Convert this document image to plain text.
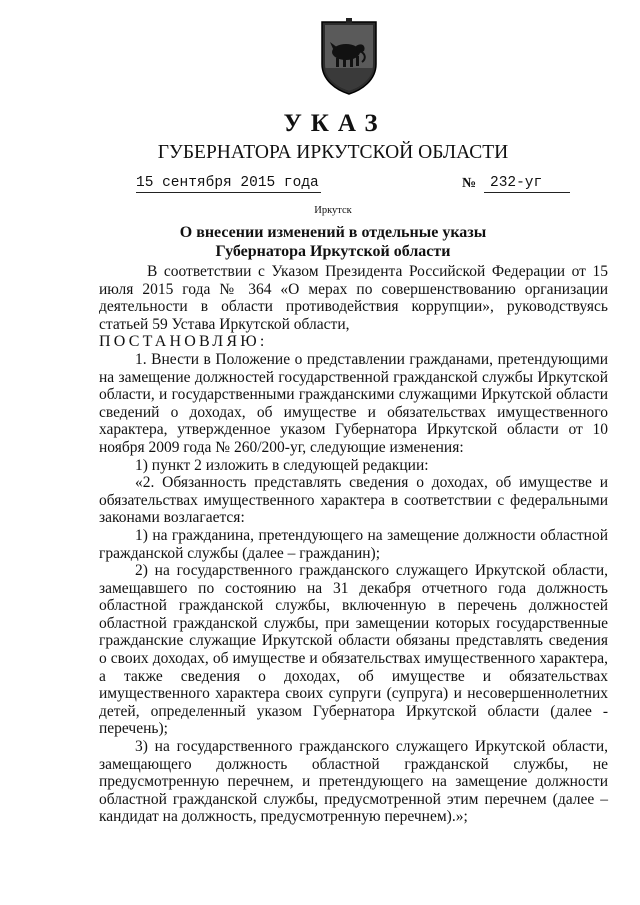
УКАЗ
ГУБЕРНАТОРА ИРКУТСКОЙ ОБЛАСТИ
15 сентября 2015 года	№ 232-уг
Иркутск
О внесении изменений в отдельные указы
Губернатора Иркутской области

В соответствии с Указом Президента Российской Федерации от 15 июля 2015 года № 364 «О мерах по совершенствованию организации деятельности в области противодействия коррупции», руководствуясь статьей 59 Устава Иркутской области,

ПОСТАНОВЛЯЮ:

1. Внести в Положение о представлении гражданами, претендующими на замещение должностей государственной гражданской службы Иркутской области, и государственными гражданскими служащими Иркутской области сведений о доходах, об имуществе и обязательствах имущественного характера, утвержденное указом Губернатора Иркутской области от 10 ноября 2009 года № 260/200-уг, следующие изменения:

1) пункт 2 изложить в следующей редакции:

«2. Обязанность представлять сведения о доходах, об имуществе и обязательствах имущественного характера в соответствии с федеральными законами возлагается:

1) на гражданина, претендующего на замещение должности областной гражданской службы (далее – гражданин);

2) на государственного гражданского служащего Иркутской области, замещавшего по состоянию на 31 декабря отчетного года должность областной гражданской службы, включенную в перечень должностей областной гражданской службы, при замещении которых государственные гражданские служащие Иркутской области обязаны представлять сведения о своих доходах, об имуществе и обязательствах имущественного характера, а также сведения о доходах, об имуществе и обязательствах имущественного характера своих супруги (супруга) и несовершеннолетних детей, определенный указом Губернатора Иркутской области (далее - перечень);

3) на государственного гражданского служащего Иркутской области, замещающего должность областной гражданской службы, не предусмотренную перечнем, и претендующего на замещение должности областной гражданской службы, предусмотренной этим перечнем (далее – кандидат на должность, предусмотренную перечнем).»;
